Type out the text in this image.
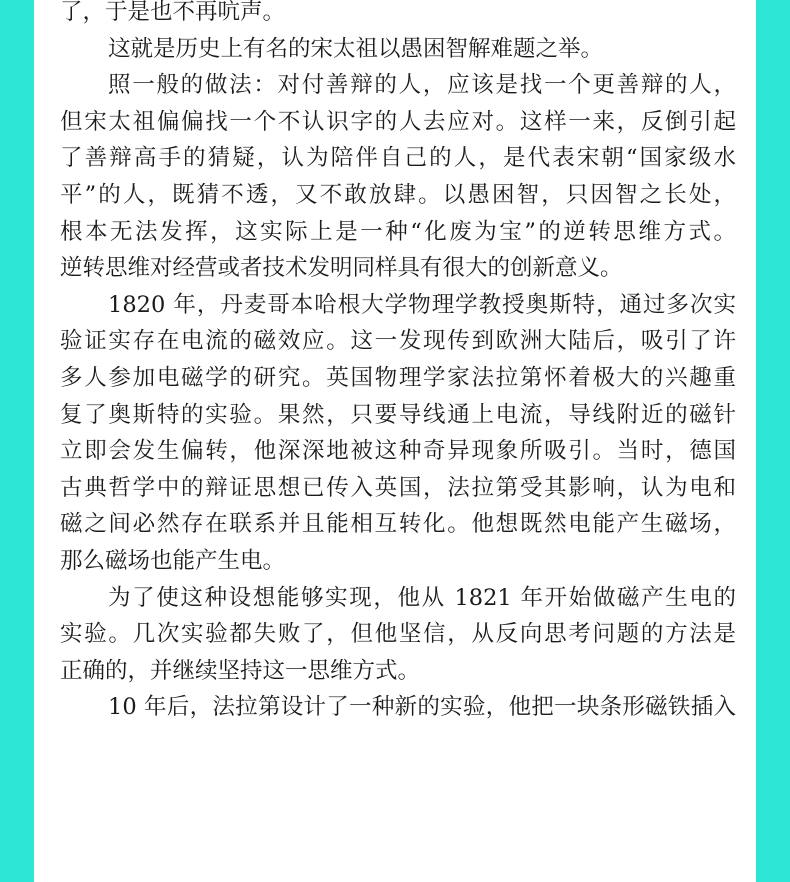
了，于是也不再吭声。
这就是历史上有名的宋太祖以愚困智解难题之举。
照一般的做法：对付善辩的人，应该是找一个更善辩的人，
但宋太祖偏偏找一个不认识字的人去应对。这样一来，反倒引起
了善辩高手的猜疑，认为陪伴自己的人，是代表宋朝“国家级水
平”的人，既猜不透，又不敢放肆。以愚困智，只因智之长处，
根本无法发挥，这实际上是一种“化废为宝”的逆转思维方式。
逆转思维对经营或者技术发明同样具有很大的创新意义。
1820 年，丹麦哥本哈根大学物理学教授奥斯特，通过多次实
验证实存在电流的磁效应。这一发现传到欧洲大陆后，吸引了许
多人参加电磁学的研究。英国物理学家法拉第怀着极大的兴趣重
复了奥斯特的实验。果然，只要导线通上电流，导线附近的磁针
立即会发生偏转，他深深地被这种奇异现象所吸引。当时，德国
古典哲学中的辩证思想已传入英国，法拉第受其影响，认为电和
磁之间必然存在联系并且能相互转化。他想既然电能产生磁场，
那么磁场也能产生电。
为了使这种设想能够实现，他从 1821 年开始做磁产生电的
实验。几次实验都失败了，但他坚信，从反向思考问题的方法是
正确的，并继续坚持这一思维方式。
10 年后，法拉第设计了一种新的实验，他把一块条形磁铁插入
